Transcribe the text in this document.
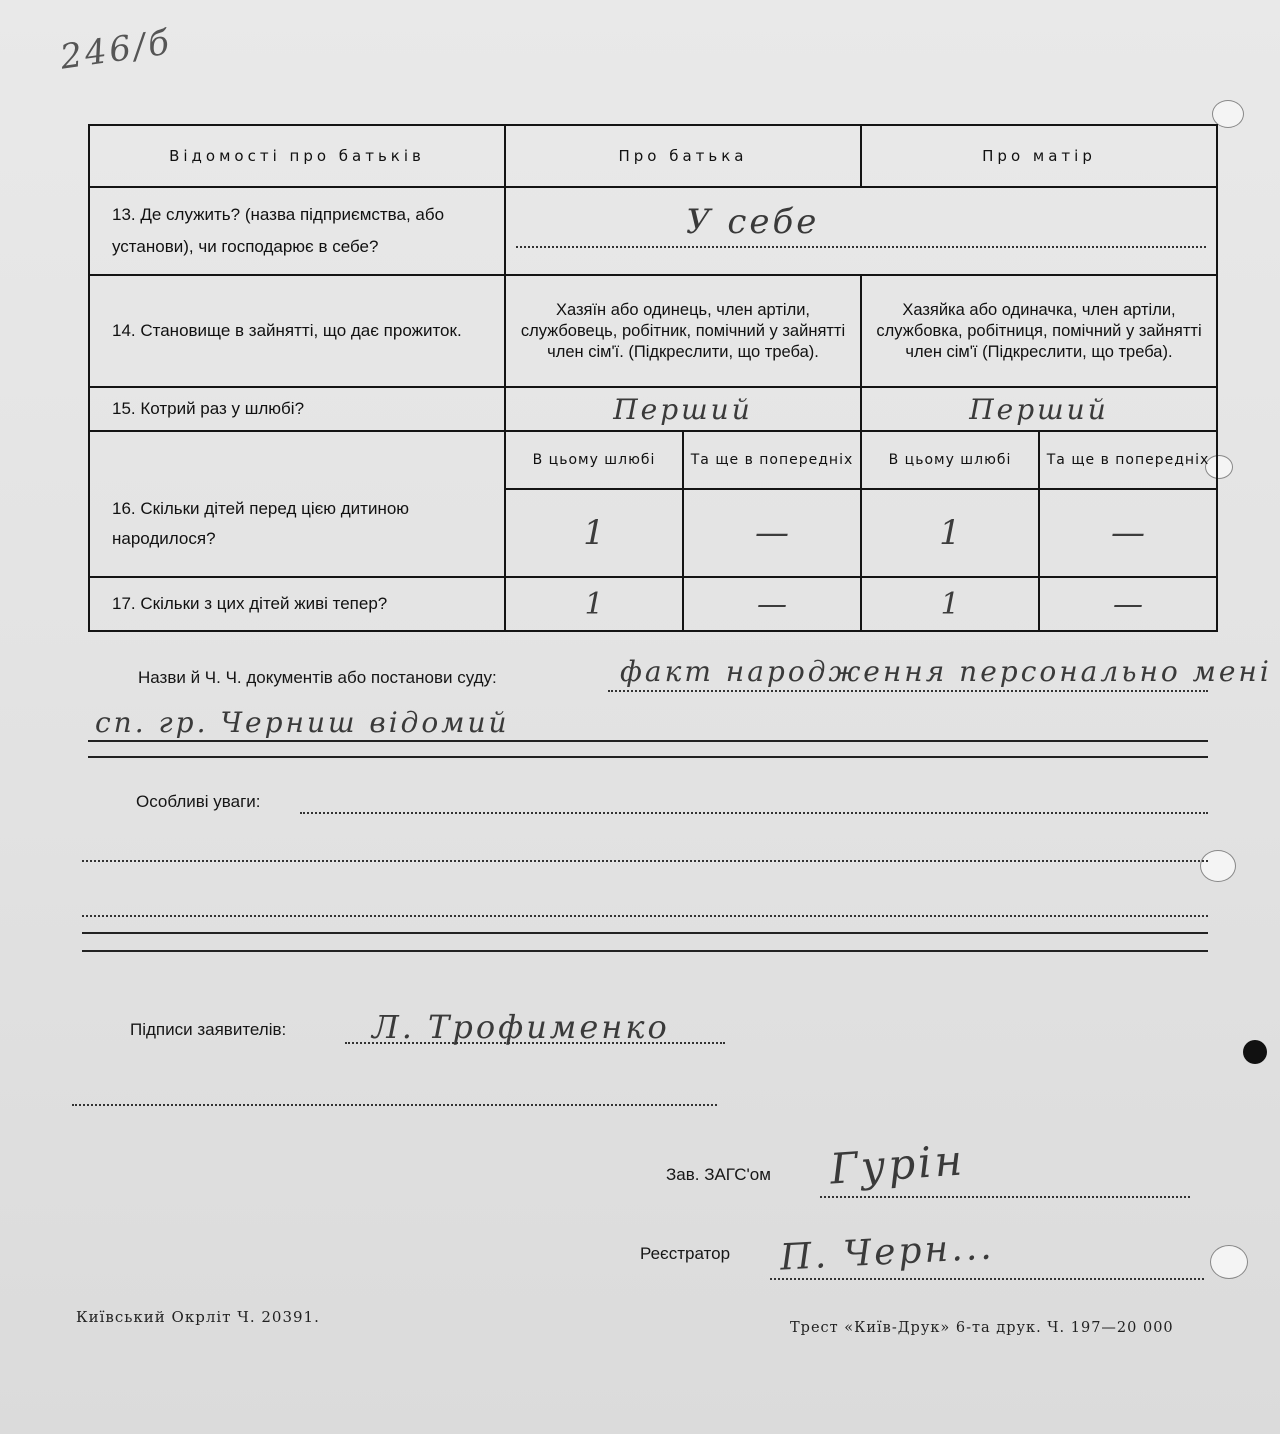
246/б
Відомості про батьків	Про батька		Про матір	
13. Де служить? (назва підприємства, або установи), чи господарює в себе?	У себе			

14. Становище в зайнятті, що дає прожиток.	Хазяїн або одинець, член артіли, службовець, робітник, помічний у зайнятті член сім'ї. (Підкреслити, що треба).		Хазяйка або одиначка, член артіли, службовка, робітниця, помічний у зайнятті член сім'ї (Підкреслити, що треба).	
15. Котрий раз у шлюбі?	Перший		Перший	
16. Скільки дітей перед цією дитиною народилося?	В цьому шлюбі	Та ще в попередніх	В цьому шлюбі	Та ще в попередніх
	1	—	1	—
17. Скільки з цих дітей живі тепер?	1	—	1	—
Назви й Ч. Ч. документів або постанови суду:	факт народження персонально мені
сп. гр. Черниш відомий
Особливі уваги:
Підписи заявителів:	Л. Трофименко
Зав. ЗАГС'ом Гурін
Реєстратор П. Черн...
Київський Окрліт Ч. 20391.
Трест «Київ-Друк» 6-та друк. Ч. 197—20 000
